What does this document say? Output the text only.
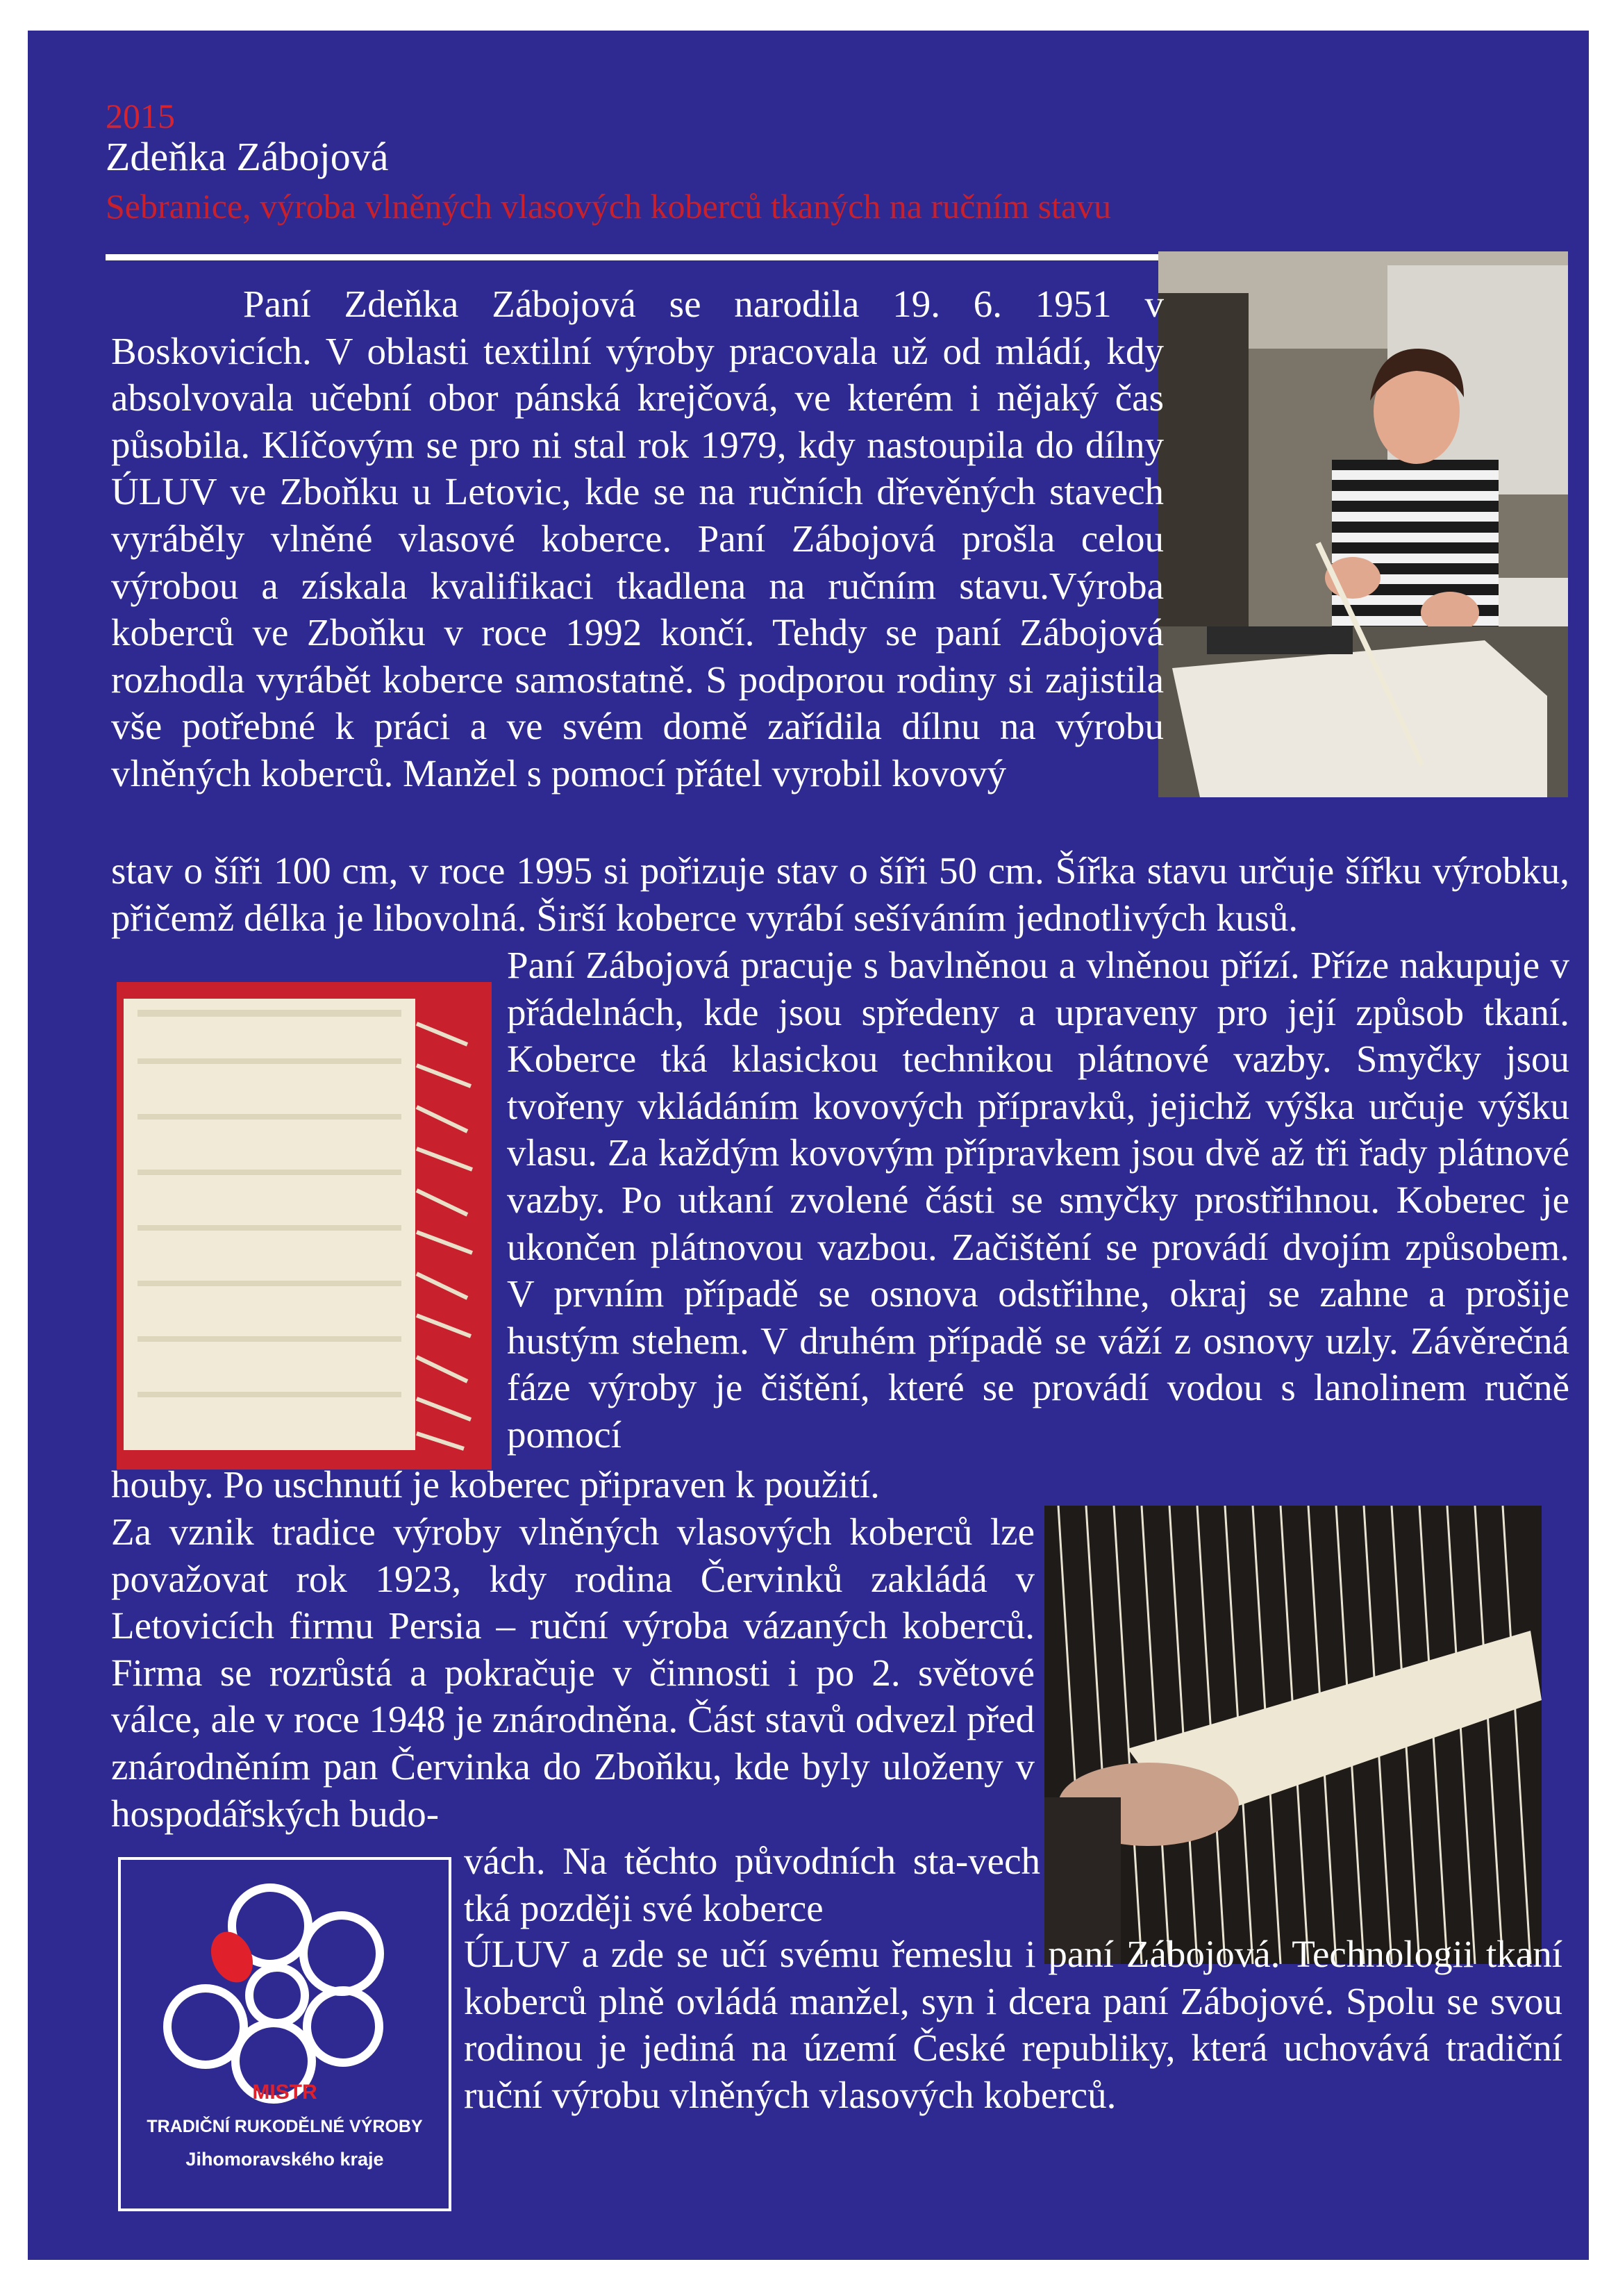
2015
Zdeňka Zábojová
Sebranice, výroba vlněných vlasových koberců tkaných na ručním stavu

Paní Zdeňka Zábojová se narodila 19. 6. 1951 v Boskovicích. V oblasti textilní výroby pracovala už od mládí, kdy absolvovala učební obor pánská krejčová, ve kterém i nějaký čas působila. Klíčovým se pro ni stal rok 1979, kdy nastoupila do dílny ÚLUV ve Zboňku u Letovic, kde se na ručních dřevěných stavech vyráběly vlněné vlasové koberce. Paní Zábojová prošla celou výrobou a získala kvalifikaci tkadlena na ručním stavu.Výroba koberců ve Zboňku v roce 1992 končí. Tehdy se paní Zábojová rozhodla vyrábět koberce samostatně. S podporou rodiny si zajistila vše potřebné k práci a ve svém domě zařídila dílnu na výrobu vlněných koberců. Manžel s pomocí přátel vyrobil kovový

stav o šíři 100 cm, v roce 1995 si pořizuje stav o šíři 50 cm. Šířka stavu určuje šířku výrobku, přičemž délka je libovolná. Širší koberce vyrábí sešíváním jednotlivých kusů.

Paní Zábojová pracuje s bavlněnou a vlněnou přízí. Příze nakupuje v přádelnách, kde jsou spředeny a upraveny pro její způsob tkaní. Koberce tká klasickou technikou plátnové vazby. Smyčky jsou tvořeny vkládáním kovových přípravků, jejichž výška určuje výšku vlasu. Za každým kovovým přípravkem jsou dvě až tři řady plátnové vazby. Po utkaní zvolené části se smyčky prostřihnou. Koberec je ukončen plátnovou vazbou. Začištění se provádí dvojím způsobem. V prvním případě se osnova odstřihne, okraj se zahne a prošije hustým stehem. V druhém případě se váží z osnovy uzly. Závěrečná fáze výroby je čištění, které se provádí vodou s lanolinem ručně pomocí

houby. Po uschnutí je koberec připraven k použití.

Za vznik tradice výroby vlněných vlasových koberců lze považovat rok 1923, kdy rodina Červinků zakládá v Letovicích firmu Persia – ruční výroba vázaných koberců. Firma se rozrůstá a pokračuje v činnosti i po 2. světové válce, ale v roce 1948 je znárodněna. Část stavů odvezl před znárodněním pan Červinka do Zboňku, kde byly uloženy v hospodářských budo-

vách. Na těchto původních sta-vech tká později své koberce

ÚLUV a zde se učí svému řemeslu i paní Zábojová. Technologii tkaní koberců plně ovládá manžel, syn i dcera paní Zábojové. Spolu se svou rodinou je jediná na území České republiky, která uchovává tradiční ruční výrobu vlněných vlasových koberců.

MISTR
TRADIČNÍ RUKODĚLNÉ VÝROBY
Jihomoravského kraje
